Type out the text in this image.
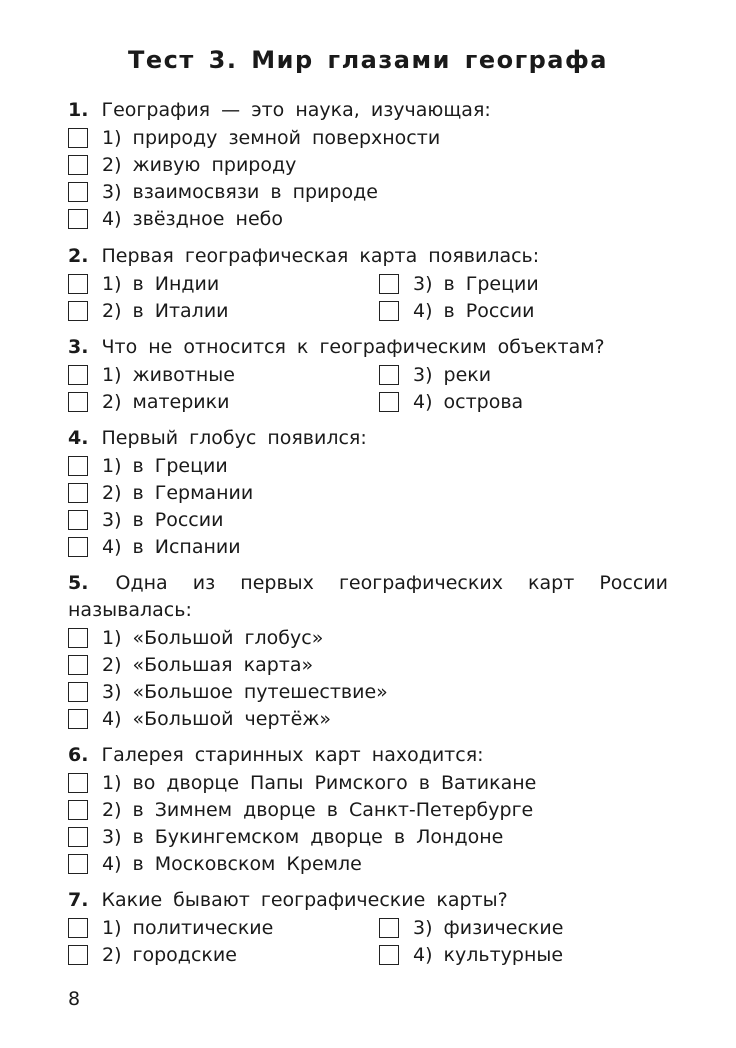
Тест 3. Мир глазами географа
1. География — это наука, изучающая:
1) природу земной поверхности
2) живую природу
3) взаимосвязи в природе
4) звёздное небо
2. Первая географическая карта появилась:
1) в Индии	3) в Греции
2) в Италии	4) в России
3. Что не относится к географическим объектам?
1) животные	3) реки
2) материки	4) острова
4. Первый глобус появился:
1) в Греции
2) в Германии
3) в России
4) в Испании
5. Одна из первых географических карт России называлась:
1) «Большой глобус»
2) «Большая карта»
3) «Большое путешествие»
4) «Большой чертёж»
6. Галерея старинных карт находится:
1) во дворце Папы Римского в Ватикане
2) в Зимнем дворце в Санкт-Петербурге
3) в Букингемском дворце в Лондоне
4) в Московском Кремле
7. Какие бывают географические карты?
1) политические	3) физические
2) городские	4) культурные
8
